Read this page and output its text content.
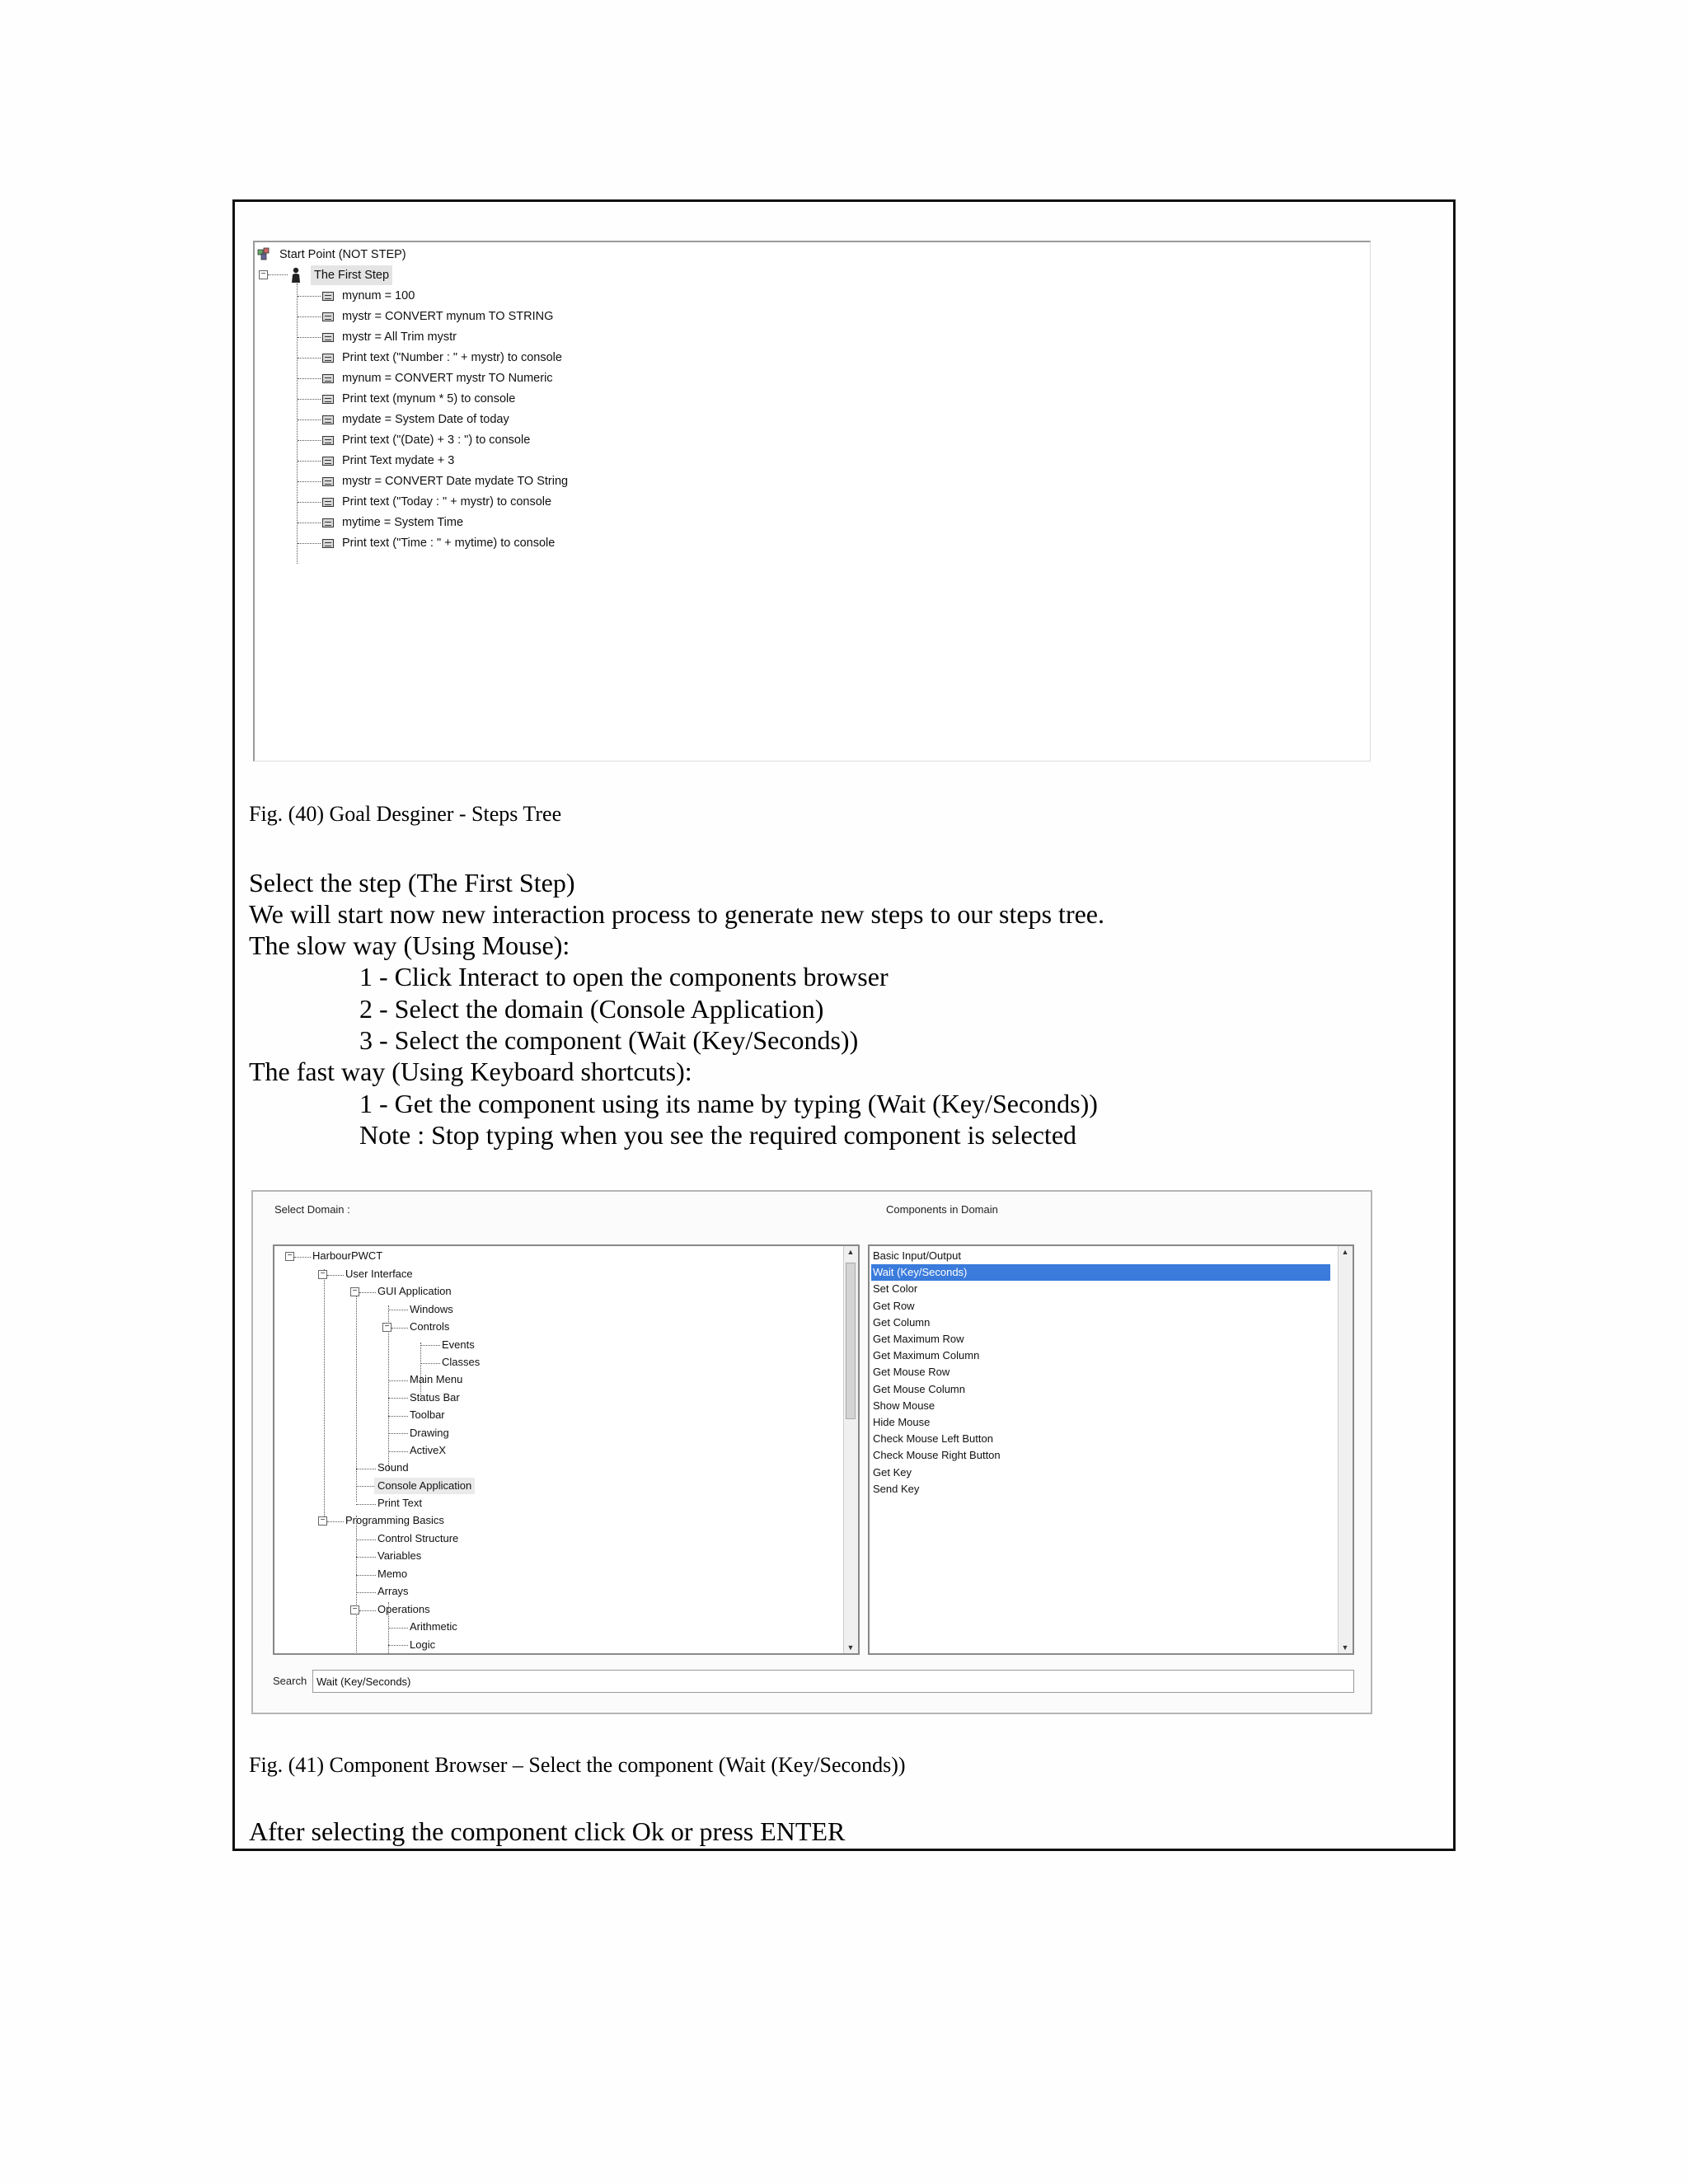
Start Point (NOT STEP)
−	The First Step
mynum = 100
mystr = CONVERT mynum TO STRING
mystr = All Trim mystr
Print text ("Number : " + mystr) to console
mynum = CONVERT mystr TO Numeric
Print text (mynum * 5) to console
mydate = System Date of today
Print text ("(Date) + 3 : ") to console
Print Text mydate + 3
mystr = CONVERT Date mydate TO String
Print text ("Today : " + mystr) to console
mytime = System Time
Print text ("Time : " + mytime) to console
Fig. (40) Goal Desginer - Steps Tree
Select the step (The First Step)
We will start now new interaction process to generate new steps to our steps tree.
The slow way (Using Mouse):
1 - Click Interact to open the components browser
2 - Select the domain (Console Application)
3 - Select the component (Wait (Key/Seconds))
The fast way (Using Keyboard shortcuts):
1 - Get the component using its name by typing (Wait (Key/Seconds))
Note : Stop typing when you see the required component is selected
Select Domain :	Components in Domain
− HarbourPWCT
− User Interface
− GUI Application
Windows
− Controls
Events
Classes
Main Menu
Status Bar
Toolbar
Drawing
ActiveX
Sound
Console Application
Print Text
− Programming Basics
Control Structure
Variables
Memo
Arrays
− Operations
Arithmetic
Logic
▲
▼
Basic Input/Output
Wait (Key/Seconds)
Set Color
Get Row
Get Column
Get Maximum Row
Get Maximum Column
Get Mouse Row
Get Mouse Column
Show Mouse
Hide Mouse
Check Mouse Left Button
Check Mouse Right Button
Get Key
Send Key
▲
▼
Search Wait (Key/Seconds)
Fig. (41) Component Browser – Select the component (Wait (Key/Seconds))
After selecting the component click Ok or press ENTER
